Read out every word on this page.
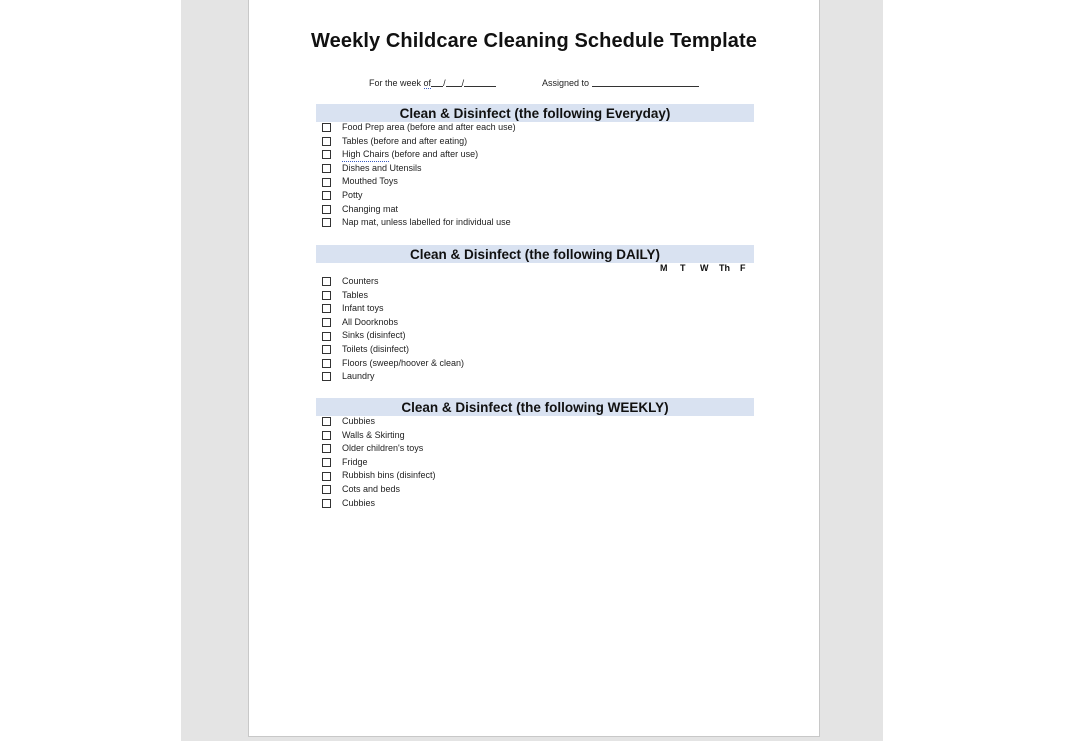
Weekly Childcare Cleaning Schedule Template
For the week of / /	Assigned to
Clean & Disinfect (the following Everyday)
Food Prep area (before and after each use)
Tables (before and after eating)
High Chairs (before and after use)
Dishes and Utensils
Mouthed Toys
Potty
Changing mat
Nap mat, unless labelled for individual use
Clean & Disinfect (the following DAILY)
M T W Th F
Counters
Tables
Infant toys
All Doorknobs
Sinks (disinfect)
Toilets (disinfect)
Floors (sweep/hoover & clean)
Laundry
Clean & Disinfect (the following WEEKLY)
Cubbies
Walls & Skirting
Older children's toys
Fridge
Rubbish bins (disinfect)
Cots and beds
Cubbies
